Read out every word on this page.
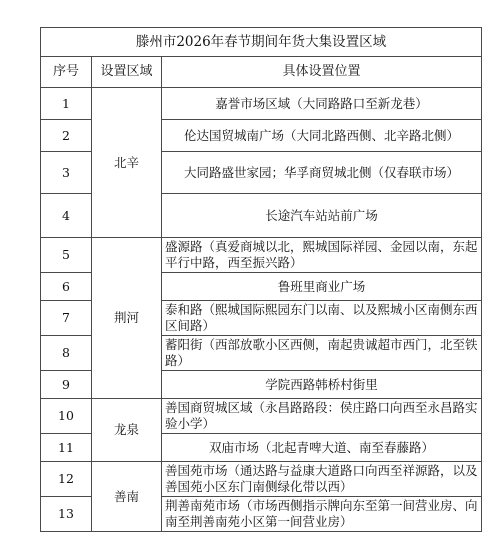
滕州市2026年春节期间年货大集设置区域		
序号	设置区域	具体设置位置
1	北辛	嘉誉市场区域（大同路路口至新龙巷）
2		伦达国贸城南广场（大同北路西侧、北辛路北侧）
3		大同路盛世家园；华孚商贸城北侧（仅春联市场）
4		长途汽车站站前广场
5	荆河	盛源路（真爱商城以北，熙城国际祥园、金园以南，东起平行中路，西至振兴路）
6		鲁班里商业广场
7		泰和路（熙城国际熙园东门以南、以及熙城小区南侧东西区间路）
8		蓄阳街（西部放歌小区西侧，南起贵诚超市西门，北至铁路）
9		学院西路韩桥村街里
10	龙泉	善国商贸城区域（永昌路路段：侯庄路口向西至永昌路实验小学）
11		双庙市场（北起青啤大道、南至春藤路）
12	善南	善国苑市场（通达路与益康大道路口向西至祥源路，以及善国苑小区东门南侧绿化带以西）
13		荆善南苑市场（市场西侧指示牌向东至第一间营业房、向南至荆善南苑小区第一间营业房）
